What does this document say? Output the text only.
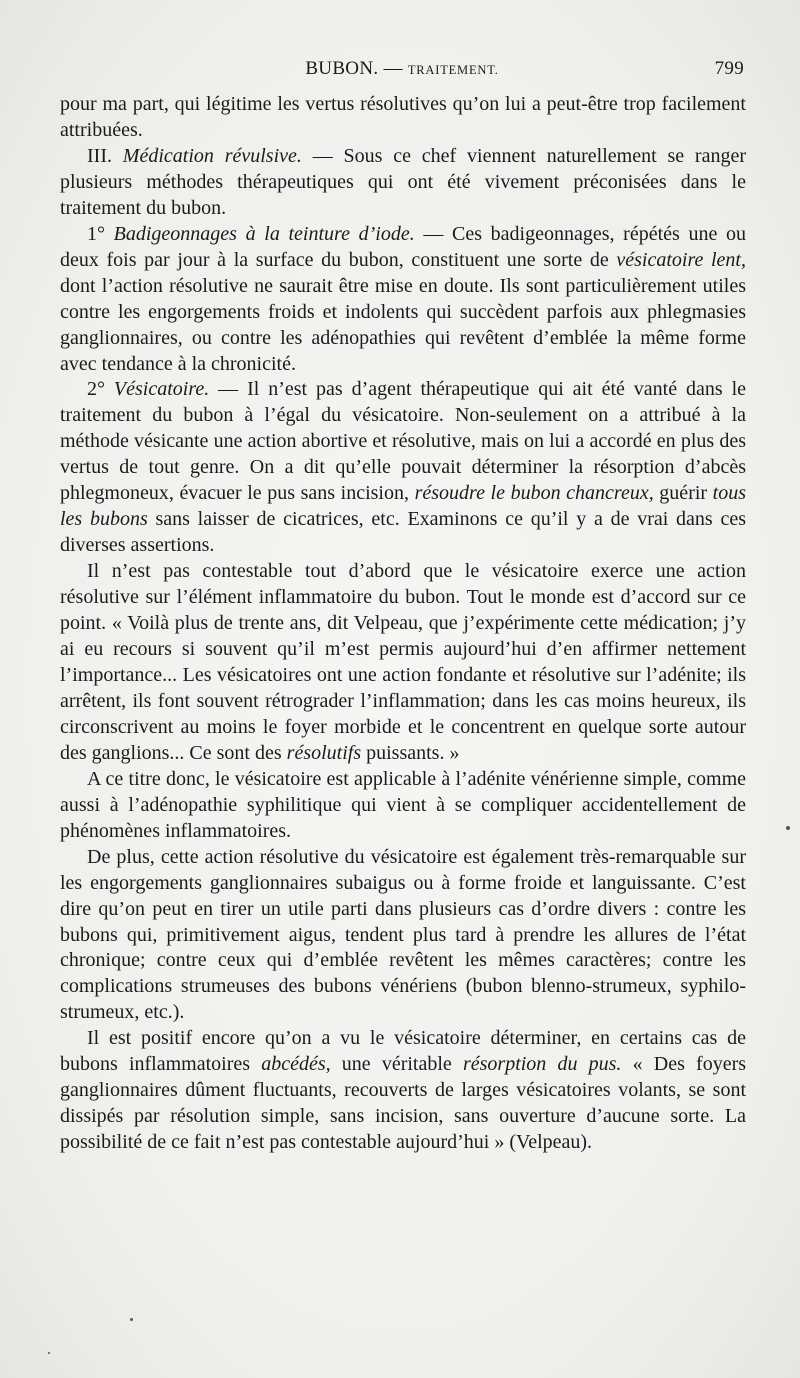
BUBON. — TRAITEMENT.	799

pour ma part, qui légitime les vertus résolutives qu’on lui a peut-être trop facilement attribuées.

III. Médication révulsive. — Sous ce chef viennent naturellement se ranger plusieurs méthodes thérapeutiques qui ont été vivement préconisées dans le traitement du bubon.

1° Badigeonnages à la teinture d’iode. — Ces badigeonnages, répétés une ou deux fois par jour à la surface du bubon, constituent une sorte de vésicatoire lent, dont l’action résolutive ne saurait être mise en doute. Ils sont particulièrement utiles contre les engorgements froids et indolents qui succèdent parfois aux phlegmasies ganglionnaires, ou contre les adénopathies qui revêtent d’emblée la même forme avec tendance à la chronicité.

2° Vésicatoire. — Il n’est pas d’agent thérapeutique qui ait été vanté dans le traitement du bubon à l’égal du vésicatoire. Non-seulement on a attribué à la méthode vésicante une action abortive et résolutive, mais on lui a accordé en plus des vertus de tout genre. On a dit qu’elle pouvait déterminer la résorption d’abcès phlegmoneux, évacuer le pus sans incision, résoudre le bubon chancreux, guérir tous les bubons sans laisser de cicatrices, etc. Examinons ce qu’il y a de vrai dans ces diverses assertions.

Il n’est pas contestable tout d’abord que le vésicatoire exerce une action résolutive sur l’élément inflammatoire du bubon. Tout le monde est d’accord sur ce point. « Voilà plus de trente ans, dit Velpeau, que j’expérimente cette médication; j’y ai eu recours si souvent qu’il m’est permis aujourd’hui d’en affirmer nettement l’importance... Les vésicatoires ont une action fondante et résolutive sur l’adénite; ils arrêtent, ils font souvent rétrograder l’inflammation; dans les cas moins heureux, ils circonscrivent au moins le foyer morbide et le concentrent en quelque sorte autour des ganglions... Ce sont des résolutifs puissants. »

A ce titre donc, le vésicatoire est applicable à l’adénite vénérienne simple, comme aussi à l’adénopathie syphilitique qui vient à se compliquer accidentellement de phénomènes inflammatoires.

De plus, cette action résolutive du vésicatoire est également très-remarquable sur les engorgements ganglionnaires subaigus ou à forme froide et languissante. C’est dire qu’on peut en tirer un utile parti dans plusieurs cas d’ordre divers : contre les bubons qui, primitivement aigus, tendent plus tard à prendre les allures de l’état chronique; contre ceux qui d’emblée revêtent les mêmes caractères; contre les complications strumeuses des bubons vénériens (bubon blenno-strumeux, syphilo-strumeux, etc.).

Il est positif encore qu’on a vu le vésicatoire déterminer, en certains cas de bubons inflammatoires abcédés, une véritable résorption du pus. « Des foyers ganglionnaires dûment fluctuants, recouverts de larges vésicatoires volants, se sont dissipés par résolution simple, sans incision, sans ouverture d’aucune sorte. La possibilité de ce fait n’est pas contestable aujourd’hui » (Velpeau).
